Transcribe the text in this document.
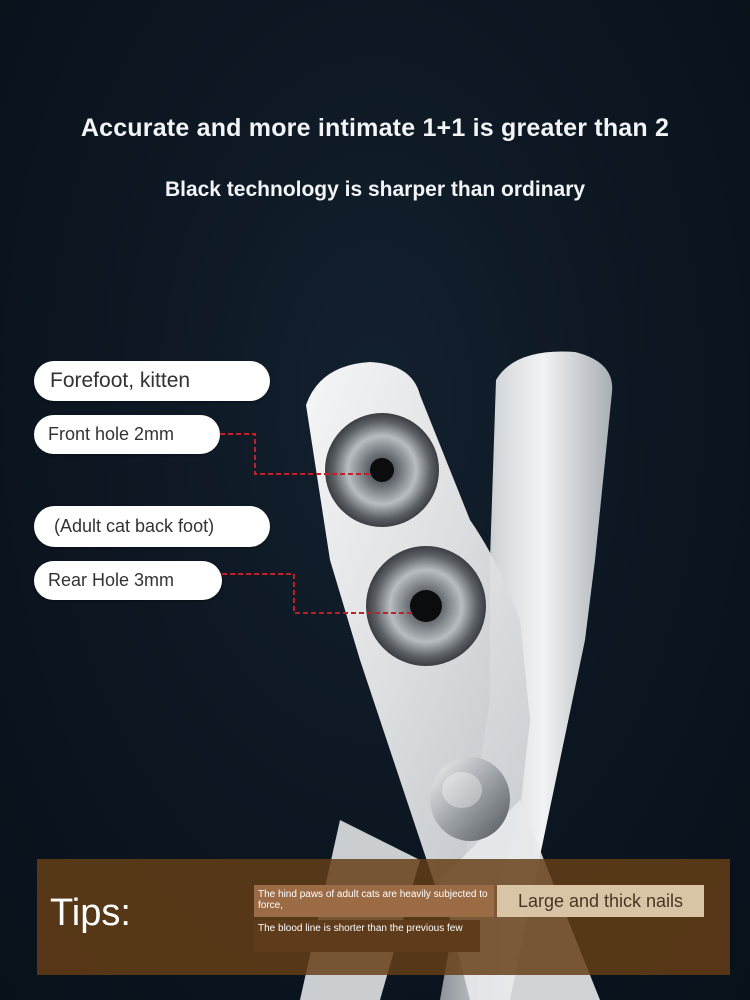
Accurate and more intimate 1+1 is greater than 2
Black technology is sharper than ordinary
Forefoot, kitten
Front hole 2mm
(Adult cat back foot)
Rear Hole 3mm
Tips:	The hind paws of adult cats are heavily subjected to force,
The blood line is shorter than the previous few
Large and thick nails
